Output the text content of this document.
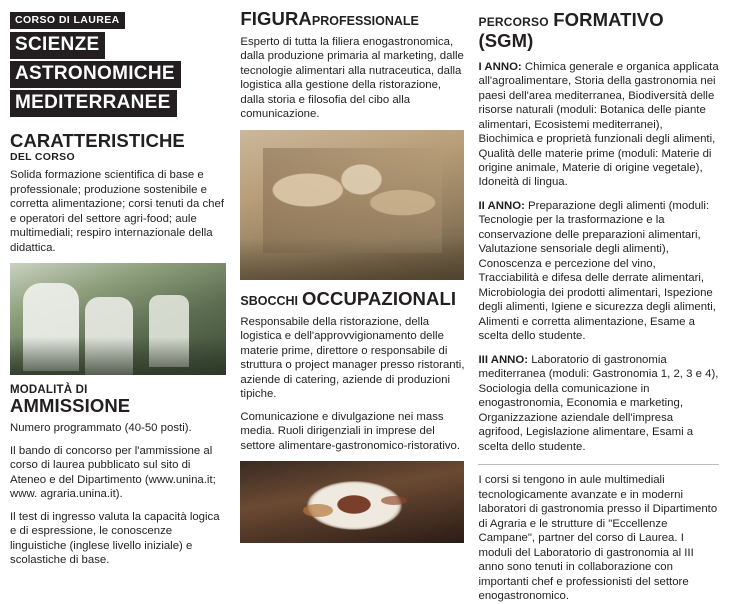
CORSO DI LAUREA
SCIENZE
ASTRONOMICHE
MEDITERRANEE
CARATTERISTICHE
DEL CORSO

Solida formazione scientifica di base e professionale; produzione sostenibile e corretta alimentazione; corsi tenuti da chef e operatori del settore agri-food; aule multimediali; respiro internazionale della didattica.

MODALITÀ DI
AMMISSIONE

Numero programmato (40-50 posti).

Il bando di concorso per l'ammissione al corso di laurea pubblicato sul sito di Ateneo e del Dipartimento (www.unina.it; www. agraria.unina.it).

Il test di ingresso valuta la capacità logica e di espressione, le conoscenze linguistiche (inglese livello iniziale) e scolastiche di base.

FIGURAPROFESSIONALE

Esperto di tutta la filiera enogastronomica, dalla produzione primaria al marketing, dalle tecnologie alimentari alla nutraceutica, dalla logistica alla gestione della ristorazione, dalla storia e filosofia del cibo alla comunicazione.

SBOCCHI OCCUPAZIONALI

Responsabile della ristorazione, della logistica e dell'approvvigionamento delle materie prime, direttore o responsabile di struttura o project manager presso ristoranti, aziende di catering, aziende di produzioni tipiche.

Comunicazione e divulgazione nei mass media. Ruoli dirigenziali in imprese del settore alimentare-gastronomico-ristorativo.

PERCORSO FORMATIVO (SGM)

I ANNO: Chimica generale e organica applicata all'agroalimentare, Storia della gastronomia nei paesi dell'area mediterranea, Biodiversità delle risorse naturali (moduli: Botanica delle piante alimentari, Ecosistemi mediterranei), Biochimica e proprietà funzionali degli alimenti, Qualità delle materie prime (moduli: Materie di origine animale, Materie di origine vegetale), Idoneità di lingua.

II ANNO: Preparazione degli alimenti (moduli: Tecnologie per la trasformazione e la conservazione delle preparazioni alimentari, Valutazione sensoriale degli alimenti), Conoscenza e percezione del vino, Tracciabilità e difesa delle derrate alimentari, Microbiologia dei prodotti alimentari, Ispezione degli alimenti, Igiene e sicurezza degli alimenti, Alimenti e corretta alimentazione, Esame a scelta dello studente.

III ANNO: Laboratorio di gastronomia mediterranea (moduli: Gastronomia 1, 2, 3 e 4), Sociologia della comunicazione in enogastronomia, Economia e marketing, Organizzazione aziendale dell'impresa agrifood, Legislazione alimentare, Esami a scelta dello studente.

I corsi si tengono in aule multimediali tecnologicamente avanzate e in moderni laboratori di gastronomia presso il Dipartimento di Agraria e le strutture di "Eccellenze Campane", partner del corso di Laurea. I moduli del Laboratorio di gastronomia al III anno sono tenuti in collaborazione con importanti chef e professionisti del settore enogastronomico.
